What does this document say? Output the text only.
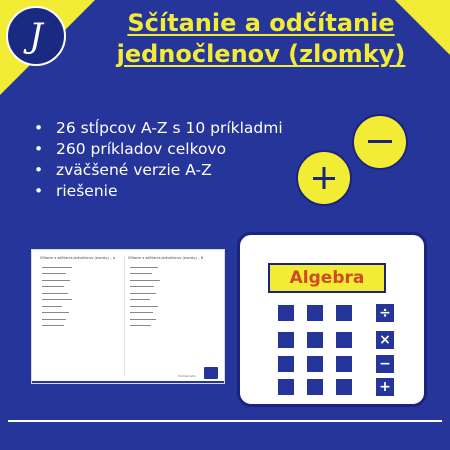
J	Sčítanie a odčítanie
jednočlenov (zlomky)
• 26 stĺpcov A-Z s 10 príkladmi
• 260 príkladov celkovo
• zväčšené verzie A-Z
• riešenie
Sčítanie a odčítanie jednočlenov (zlomky)... A	Sčítanie a odčítanie jednočlenov (zlomky)... B
Mathematik
Algebra
÷
×
−
+
